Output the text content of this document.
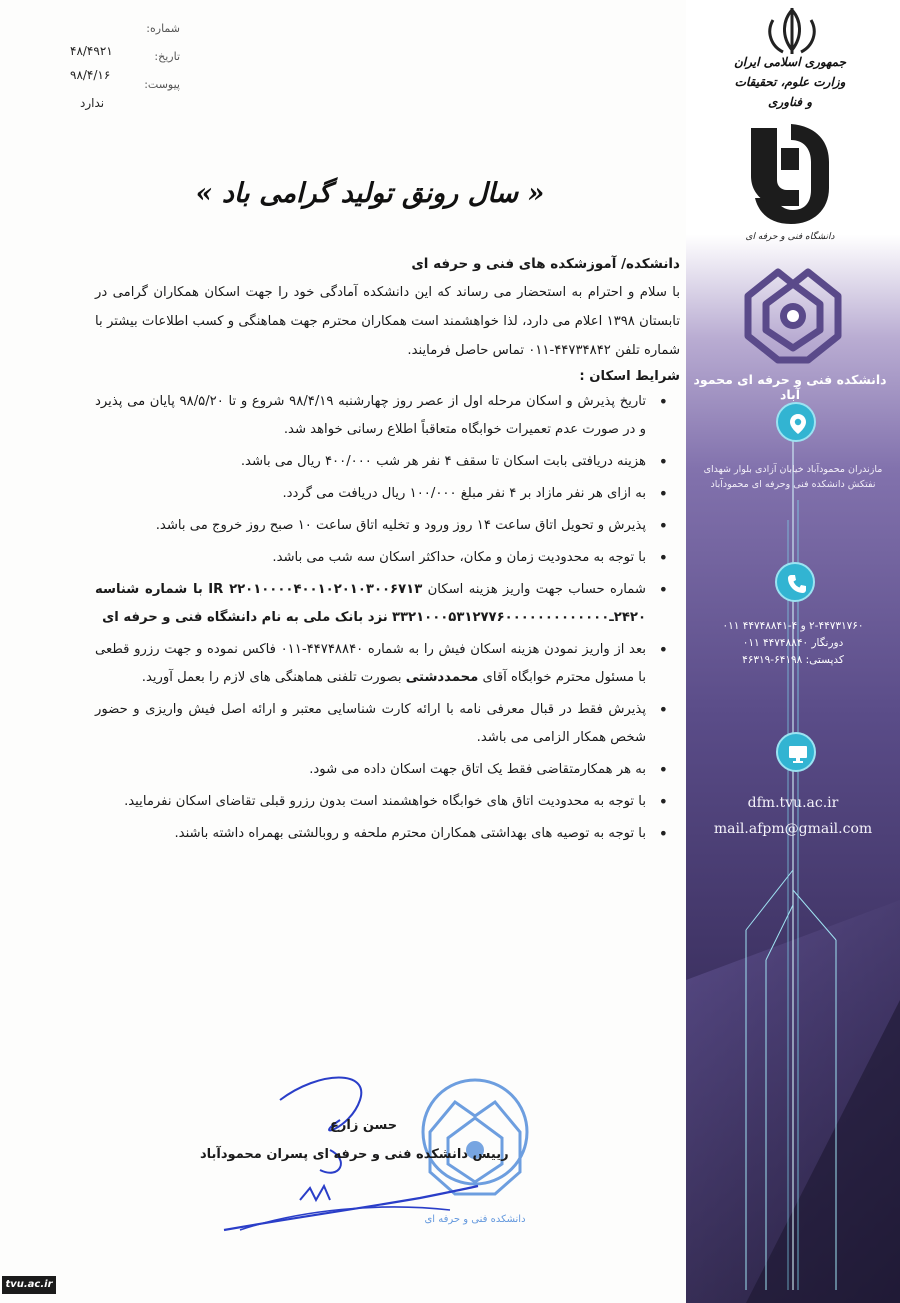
جمهوری اسلامی ایران
وزارت علوم، تحقیقات و فناوری
دانشگاه فنی و حرفه ای
دانشکده فنی و حرفه ای محمود آباد
مازندران محمودآباد خیابان آزادی بلوار شهدای نفتکش دانشکده فنی وحرفه ای محمودآباد
۲-۴۴۷۳۱۷۶۰ و ۴-۴۴۷۴۸۸۴۱ ۰۱۱
دورنگار ۴۴۷۴۸۸۴۰ ۰۱۱
کدپستی: ۶۴۱۹۸-۴۶۳۱۹
dfm.tvu.ac.ir
mail.afpm@gmail.com
شماره:
۴۸/۴۹۲۱	تاریخ:
۹۸/۴/۱۶
پیوست:
ندارد
« سال رونق تولید گرامی باد »

دانشکده/ آموزشکده های فنی و حرفه ای

با سلام و احترام به استحضار می رساند که این دانشکده آمادگی خود را جهت اسکان همکاران گرامی در تابستان ۱۳۹۸ اعلام می دارد، لذا خواهشمند است همکاران محترم جهت هماهنگی و کسب اطلاعات بیشتر با شماره تلفن ۴۴۷۳۴۸۴۲-۰۱۱ تماس حاصل فرمایند.

شرایط اسکان :

• تاریخ پذیرش و اسکان مرحله اول از عصر روز چهارشنبه ۹۸/۴/۱۹ شروع و تا ۹۸/۵/۲۰ پایان می پذیرد و در صورت عدم تعمیرات خوابگاه متعاقباً اطلاع رسانی خواهد شد.
• هزینه دریافتی بابت اسکان تا سقف ۴ نفر هر شب ۴۰۰/۰۰۰ ریال می باشد.
• به ازای هر نفر مازاد بر ۴ نفر مبلغ ۱۰۰/۰۰۰ ریال دریافت می گردد.
• پذیرش و تحویل اتاق ساعت ۱۴ روز ورود و تخلیه اتاق ساعت ۱۰ صبح روز خروج می باشد.
• با توجه به محدودیت زمان و مکان، حداکثر اسکان سه شب می باشد.
• شماره حساب جهت واریز هزینه اسکان IR ۲۲۰۱۰۰۰۰۴۰۰۱۰۲۰۱۰۳۰۰۶۷۱۳ با شماره شناسه ۲۴۲۰ـ۳۳۲۱۰۰۰۵۳۱۲۷۷۶۰۰۰۰۰۰۰۰۰۰۰۰۰ نزد بانک ملی به نام دانشگاه فنی و حرفه ای
• بعد از واریز نمودن هزینه اسکان فیش را به شماره ۴۴۷۴۸۸۴۰-۰۱۱ فاکس نموده و جهت رزرو قطعی با مسئول محترم خوابگاه آقای محمددشتی بصورت تلفنی هماهنگی های لازم را بعمل آورید.
• پذیرش فقط در قبال معرفی نامه با ارائه کارت شناسایی معتبر و ارائه اصل فیش واریزی و حضور شخص همکار الزامی می باشد.
• به هر همکارمتقاضی فقط یک اتاق جهت اسکان داده می شود.
• با توجه به محدودیت اتاق های خوابگاه خواهشمند است بدون رزرو قبلی تقاضای اسکان نفرمایید.
• با توجه به توصیه های بهداشتی همکاران محترم ملحفه و روبالشتی بهمراه داشته باشند.
دانشکده فنی و حرفه ای
حسن زارع
رییس دانشکده فنی و حرفه ای پسران محمودآباد
tvu.ac.ir
